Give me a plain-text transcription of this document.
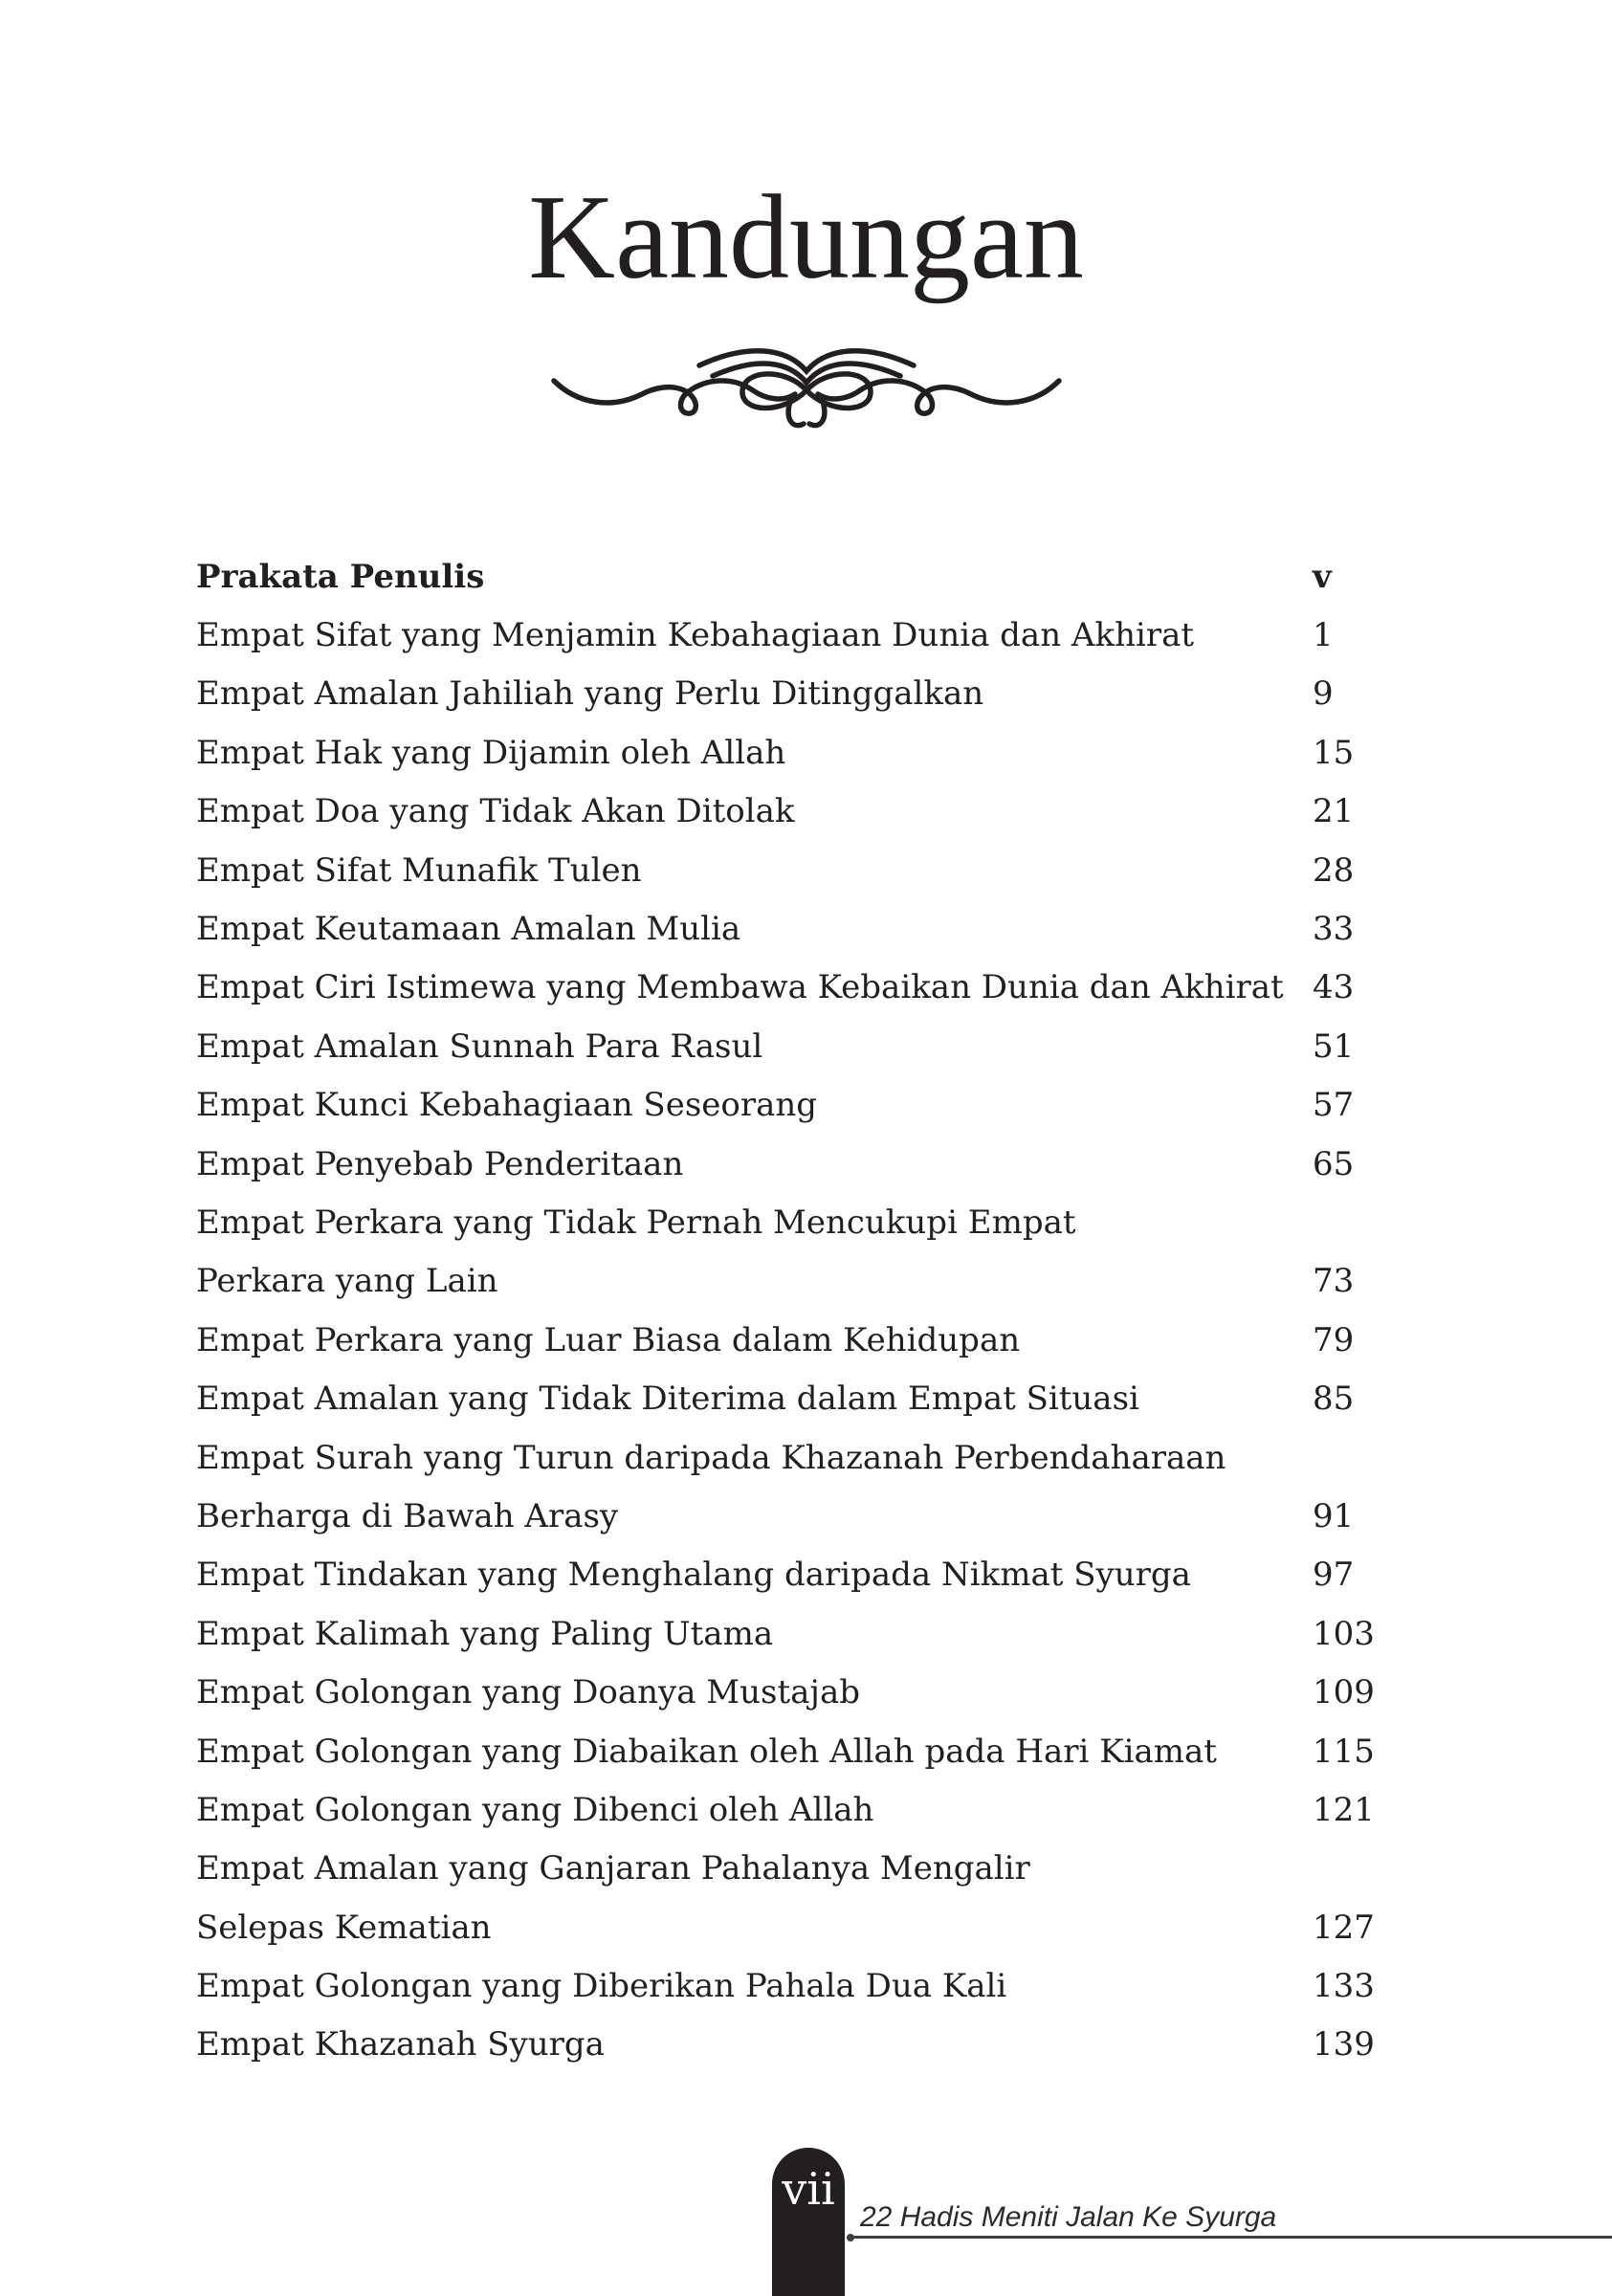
Kandungan
Prakata Penulis	v
Empat Sifat yang Menjamin Kebahagiaan Dunia dan Akhirat	1
Empat Amalan Jahiliah yang Perlu Ditinggalkan	9
Empat Hak yang Dijamin oleh Allah	15
Empat Doa yang Tidak Akan Ditolak	21
Empat Sifat Munafik Tulen	28
Empat Keutamaan Amalan Mulia	33
Empat Ciri Istimewa yang Membawa Kebaikan Dunia dan Akhirat 43
Empat Amalan Sunnah Para Rasul	51
Empat Kunci Kebahagiaan Seseorang	57
Empat Penyebab Penderitaan	65
Empat Perkara yang Tidak Pernah Mencukupi Empat
Perkara yang Lain	73
Empat Perkara yang Luar Biasa dalam Kehidupan	79
Empat Amalan yang Tidak Diterima dalam Empat Situasi	85
Empat Surah yang Turun daripada Khazanah Perbendaharaan
Berharga di Bawah Arasy	91
Empat Tindakan yang Menghalang daripada Nikmat Syurga	97
Empat Kalimah yang Paling Utama	103
Empat Golongan yang Doanya Mustajab	109
Empat Golongan yang Diabaikan oleh Allah pada Hari Kiamat	115
Empat Golongan yang Dibenci oleh Allah	121
Empat Amalan yang Ganjaran Pahalanya Mengalir
Selepas Kematian	127
Empat Golongan yang Diberikan Pahala Dua Kali	133
Empat Khazanah Syurga	139
vii
22 Hadis Meniti Jalan Ke Syurga
